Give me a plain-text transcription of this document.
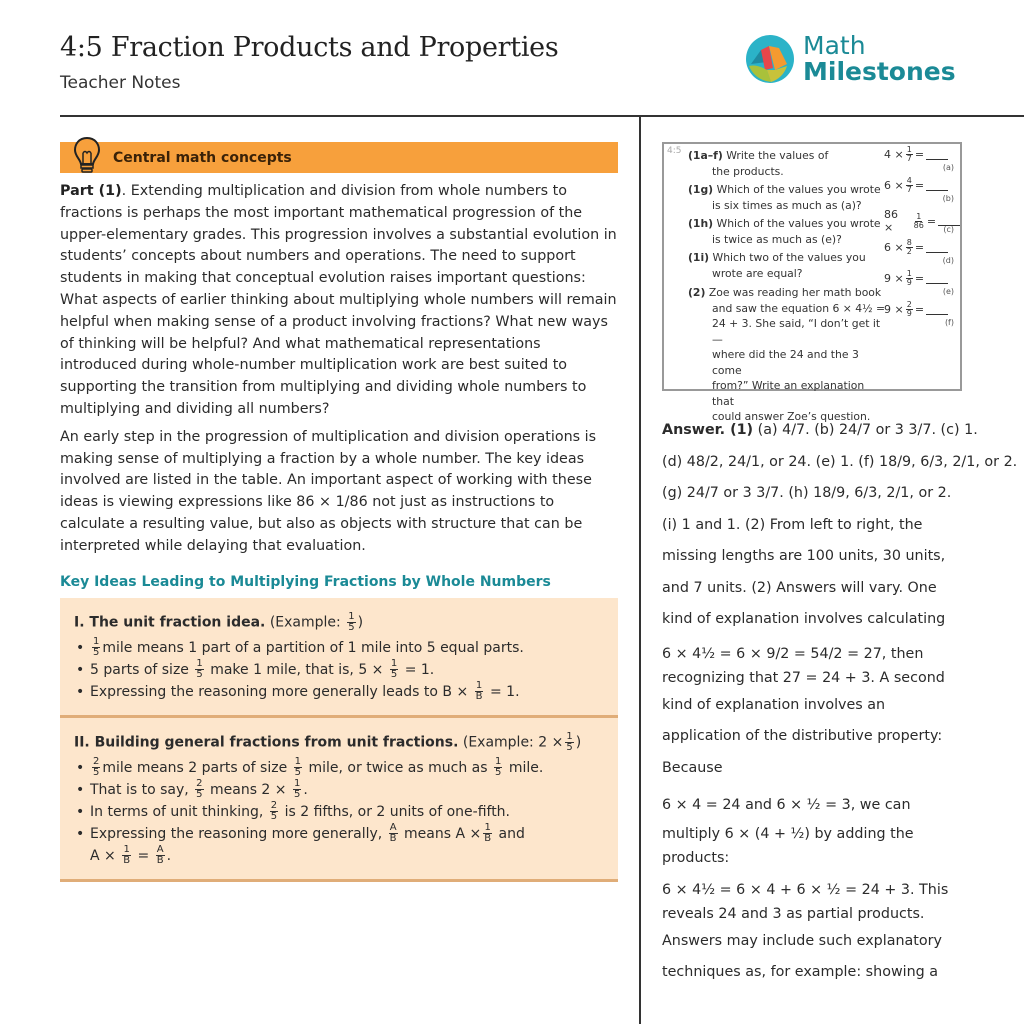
4:5 Fraction Products and Properties
Teacher Notes
Math
Milestones
Central math concepts

Part (1). Extending multiplication and division from whole numbers to fractions is perhaps the most important mathematical progression of the upper-elementary grades. This progression involves a substantial evolution in students’ concepts about numbers and operations. The need to support students in making that conceptual evolution raises important questions: What aspects of earlier thinking about multiplying whole numbers will remain helpful when making sense of a product involving fractions? What new ways of thinking will be helpful? And what mathematical representations introduced during whole-number multiplication work are best suited to supporting the transition from multiplying and dividing whole numbers to multiplying and dividing all numbers?

An early step in the progression of multiplication and division operations is making sense of multiplying a fraction by a whole number. The key ideas involved are listed in the table. An important aspect of working with these ideas is viewing expressions like 86 × 1/86 not just as instructions to calculate a resulting value, but also as objects with structure that can be interpreted while delaying that evaluation.

Key Ideas Leading to Multiplying Fractions by Whole Numbers
I. The unit fraction idea. (Example: $\frac{1}{5}$ )
• $\frac{1}{5}$ mile means 1 part of a partition of 1 mile into 5 equal parts.
• 5 parts of size $\frac{1}{5}$ make 1 mile, that is, $5 \times \frac{1}{5} = 1$.
• Expressing the reasoning more generally leads to $B \times \frac{1}{B} = 1$.
II. Building general fractions from unit fractions. (Example: $2 \times \frac{1}{5}$ )
• $\frac{2}{5}$ mile means 2 parts of size $\frac{1}{5}$ mile, or twice as much as $\frac{1}{5}$ mile.
• That is to say, $\frac{2}{5}$ means $2 \times \frac{1}{5}$ .
• In terms of unit thinking, $\frac{2}{5}$ is 2 fifths, or 2 units of one-fifth.
• Expressing the reasoning more generally, $\frac{A}{B}$ means $A \times \frac{1}{B}$ and
$A \times \frac{1}{B} = \frac{A}{B}$ .
4:5 (1a–f) Write the values of
the products.
(1g) Which of the values you wrote
is six times as much as (a)?
(1h) Which of the values you wrote
is twice as much as (e)?
(1i) Which two of the values you
wrote are equal?
(2) Zoe was reading her math book
and saw the equation 6 × 4½ =
24 + 3. She said, “I don’t get it—
where did the 24 and the 3 come
from?” Write an explanation that
could answer Zoe’s question.
$4 \times \frac{1}{7}$ =
(a)
$6 \times \frac{4}{7}$ =
(b)
86 ×	$\frac{1}{86}$ =
(c)
$6 \times \frac{8}{2}$ =
(d)
$9 \times \frac{1}{9}$ =
(e)
$9 \times \frac{2}{9}$ =
(f)
Answer. (1) (a) 4/7. (b) 24/7 or 3 3/7. (c) 1.
(d) 48/2, 24/1, or 24. (e) 1. (f) 18/9, 6/3, 2/1, or 2.
(g) 24/7 or 3 3/7. (h) 18/9, 6/3, 2/1, or 2.
(i) 1 and 1. (2) From left to right, the
missing lengths are 100 units, 30 units,
and 7 units. (2) Answers will vary. One
kind of explanation involves calculating
6 × 4½ = 6 × 9/2 = 54/2 = 27, then
recognizing that 27 = 24 + 3. A second
kind of explanation involves an
application of the distributive property:
Because
6 × 4 = 24 and 6 × ½ = 3, we can
multiply 6 × (4 + ½) by adding the
products:
6 × 4½ = 6 × 4 + 6 × ½ = 24 + 3. This
reveals 24 and 3 as partial products.
Answers may include such explanatory
techniques as, for example: showing a
